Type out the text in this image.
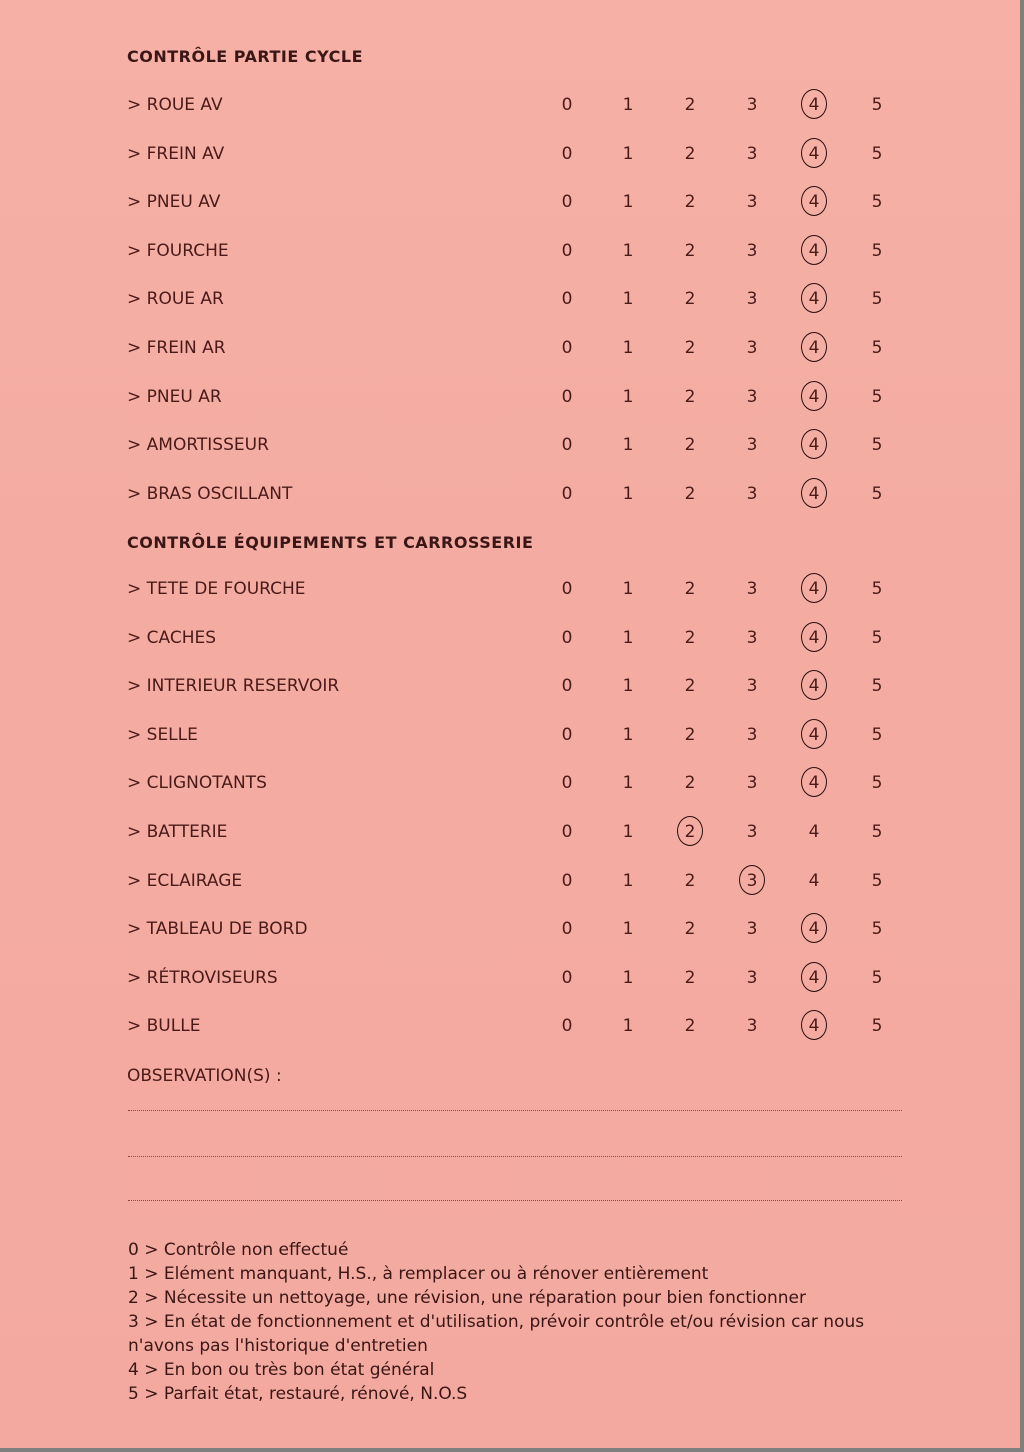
CONTRÔLE PARTIE CYCLE
> ROUE AV	0	1	2	3	4	5
> FREIN AV	0	1	2	3	4	5
> PNEU AV	0	1	2	3	4	5
> FOURCHE	0	1	2	3	4	5
> ROUE AR	0	1	2	3	4	5
> FREIN AR	0	1	2	3	4	5
> PNEU AR	0	1	2	3	4	5
> AMORTISSEUR	0	1	2	3	4	5
> BRAS OSCILLANT	0	1	2	3	4	5
CONTRÔLE ÉQUIPEMENTS ET CARROSSERIE
> TETE DE FOURCHE	0	1	2	3	4	5
> CACHES	0	1	2	3	4	5
> INTERIEUR RESERVOIR	0	1	2	3	4	5
> SELLE	0	1	2	3	4	5
> CLIGNOTANTS	0	1	2	3	4	5
> BATTERIE	0	1	2	3	4	5
> ECLAIRAGE	0	1	2	3	4	5
> TABLEAU DE BORD	0	1	2	3	4	5
> RÉTROVISEURS	0	1	2	3	4	5
> BULLE	0	1	2	3	4	5
OBSERVATION(S) :
0 > Contrôle non effectué
1 > Elément manquant, H.S., à remplacer ou à rénover entièrement
2 > Nécessite un nettoyage, une révision, une réparation pour bien fonctionner
3 > En état de fonctionnement et d'utilisation, prévoir contrôle et/ou révision car nous n'avons pas l'historique d'entretien
4 > En bon ou très bon état général
5 > Parfait état, restauré, rénové, N.O.S
